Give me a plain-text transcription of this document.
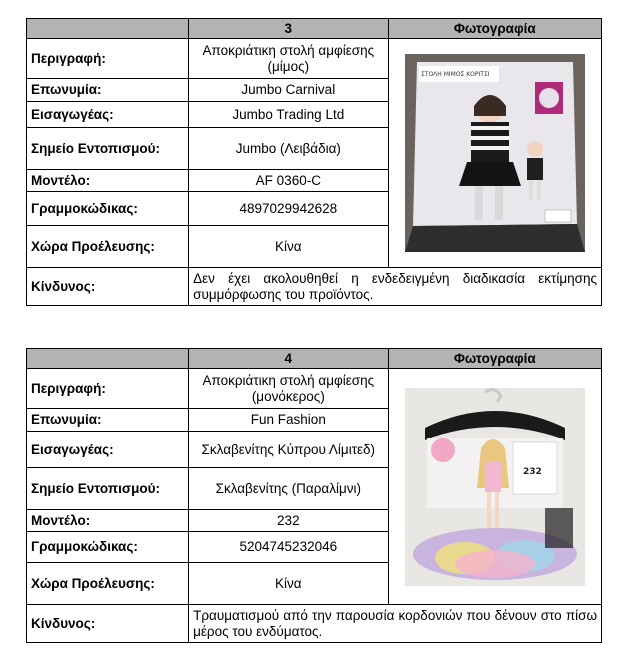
	3	Φωτογραφία
Περιγραφή:	Αποκριάτικη στολή αμφίεσης (μίμος)	ΣΤΟΛΗ ΜΙΜΟΣ ΚΟΡΙΤΣΙ

Επωνυμία:	Jumbo Carnival	
Εισαγωγέας:	Jumbo Trading Ltd	
Σημείο Εντοπισμού:	Jumbo (Λειβάδια)	
Μοντέλο:	AF 0360-C	
Γραμμοκώδικας:	4897029942628	
Χώρα Προέλευσης:	Κίνα	
Κίνδυνος:	Δεν έχει ακολουθηθεί η ενδεδειγμένη διαδικασία εκτίμησης συμμόρφωσης του προϊόντος.	
	4	Φωτογραφία
Περιγραφή:	Αποκριάτικη στολή αμφίεσης (μονόκερος)	232

Επωνυμία:	Fun Fashion	
Εισαγωγέας:	Σκλαβενίτης Κύπρου Λίμιτεδ)	
Σημείο Εντοπισμού:	Σκλαβενίτης (Παραλίμνι)	
Μοντέλο:	232	
Γραμμοκώδικας:	5204745232046	
Χώρα Προέλευσης:	Κίνα	
Κίνδυνος:	Τραυματισμού από την παρουσία κορδονιών που δένουν στο πίσω μέρος του ενδύματος.	
